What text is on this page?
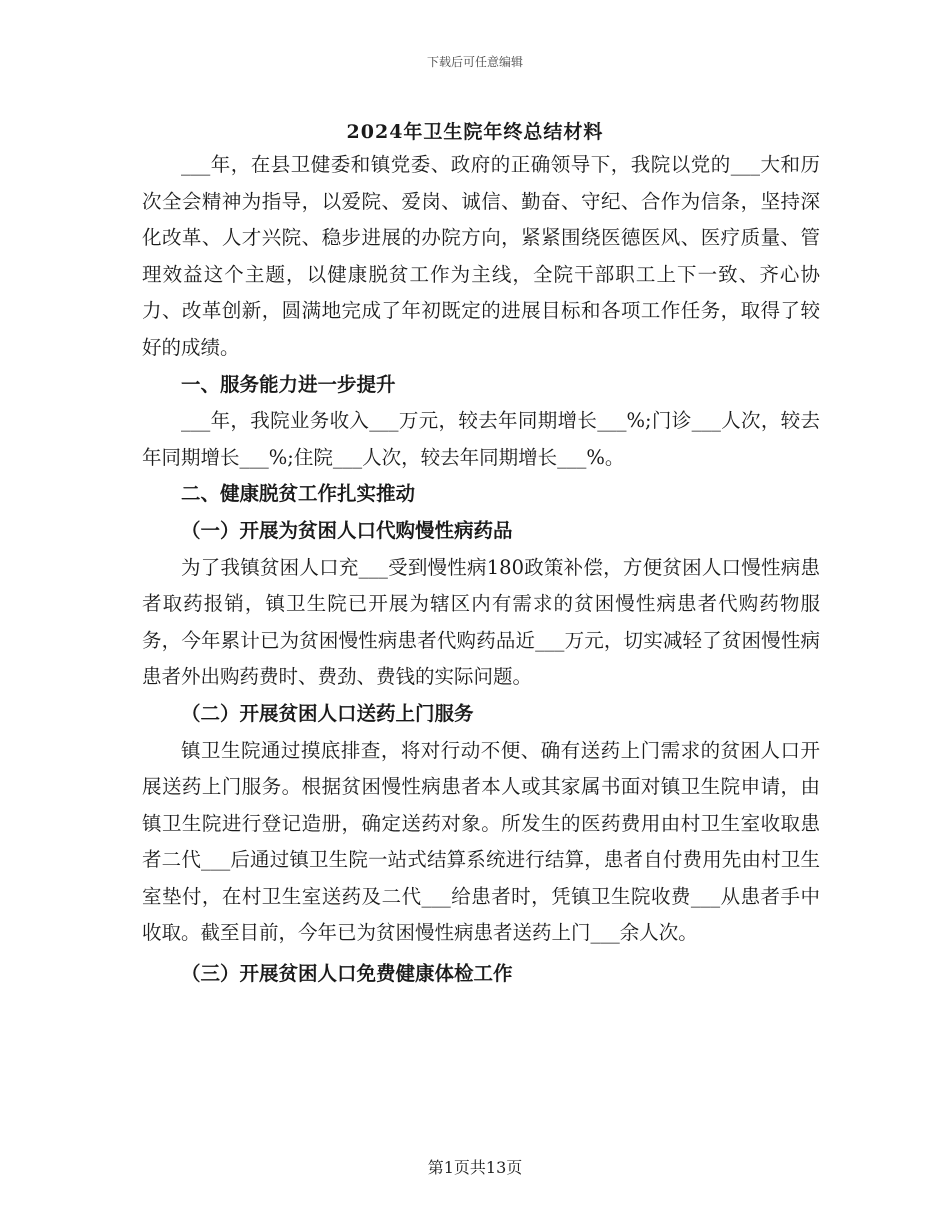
下载后可任意编辑
2024年卫生院年终总结材料

___年，在县卫健委和镇党委、政府的正确领导下，我院以党的___大和历次全会精神为指导，以爱院、爱岗、诚信、勤奋、守纪、合作为信条，坚持深化改革、人才兴院、稳步进展的办院方向，紧紧围绕医德医风、医疗质量、管理效益这个主题，以健康脱贫工作为主线，全院干部职工上下一致、齐心协力、改革创新，圆满地完成了年初既定的进展目标和各项工作任务，取得了较好的成绩。

一、服务能力进一步提升

___年，我院业务收入___万元，较去年同期增长___%;门诊___人次，较去年同期增长___%;住院___人次，较去年同期增长___%。

二、健康脱贫工作扎实推动
（一）开展为贫困人口代购慢性病药品

为了我镇贫困人口充___受到慢性病180政策补偿，方便贫困人口慢性病患者取药报销，镇卫生院已开展为辖区内有需求的贫困慢性病患者代购药物服务，今年累计已为贫困慢性病患者代购药品近___万元，切实减轻了贫困慢性病患者外出购药费时、费劲、费钱的实际问题。

（二）开展贫困人口送药上门服务

镇卫生院通过摸底排查，将对行动不便、确有送药上门需求的贫困人口开展送药上门服务。根据贫困慢性病患者本人或其家属书面对镇卫生院申请，由镇卫生院进行登记造册，确定送药对象。所发生的医药费用由村卫生室收取患者二代___后通过镇卫生院一站式结算系统进行结算，患者自付费用先由村卫生室垫付，在村卫生室送药及二代___给患者时，凭镇卫生院收费___从患者手中收取。截至目前，今年已为贫困慢性病患者送药上门___余人次。

（三）开展贫困人口免费健康体检工作
第1页共13页
